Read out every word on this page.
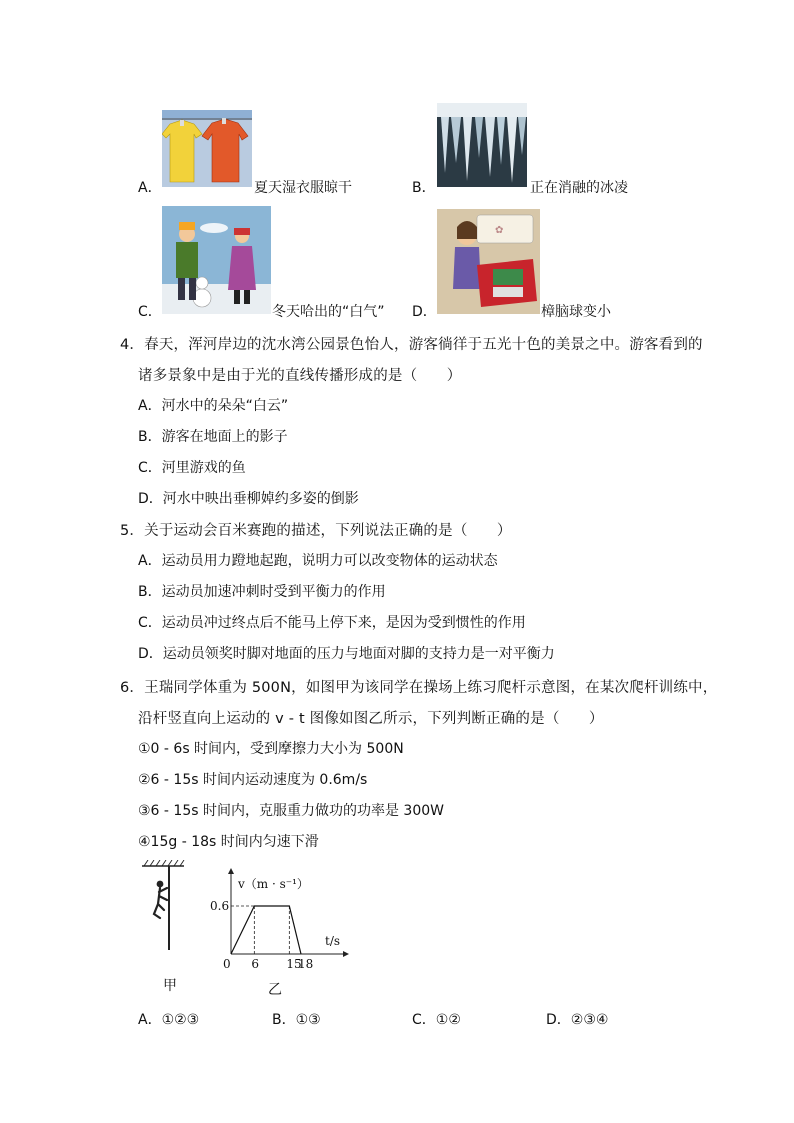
A．	夏天湿衣服晾干	B．	正在消融的冰凌
C．	冬天哈出的“白气”
✿
D．	樟脑球变小
4．春天，浑河岸边的沈水湾公园景色怡人，游客徜徉于五光十色的美景之中。游客看到的
诸多景象中是由于光的直线传播形成的是（　　）
A．河水中的朵朵“白云”
B．游客在地面上的影子
C．河里游戏的鱼
D．河水中映出垂柳婥约多姿的倒影
5．关于运动会百米赛跑的描述，下列说法正确的是（　　）
A．运动员用力蹬地起跑，说明力可以改变物体的运动状态
B．运动员加速冲刺时受到平衡力的作用
C．运动员冲过终点后不能马上停下来，是因为受到惯性的作用
D．运动员领奖时脚对地面的压力与地面对脚的支持力是一对平衡力
6．王瑞同学体重为 500N，如图甲为该同学在操场上练习爬杆示意图，在某次爬杆训练中，
沿杆竖直向上运动的 v - t 图像如图乙所示，下列判断正确的是（　　）
①0 - 6s 时间内，受到摩擦力大小为 500N
②6 - 15s 时间内运动速度为 0.6m/s
③6 - 15s 时间内，克服重力做功的功率是 300W
④15g - 18s 时间内匀速下滑
甲
0 6 15
18
0.6
v（m · s⁻¹）
t/s
乙
A．①②③	B．①③	C．①②	D．②③④
